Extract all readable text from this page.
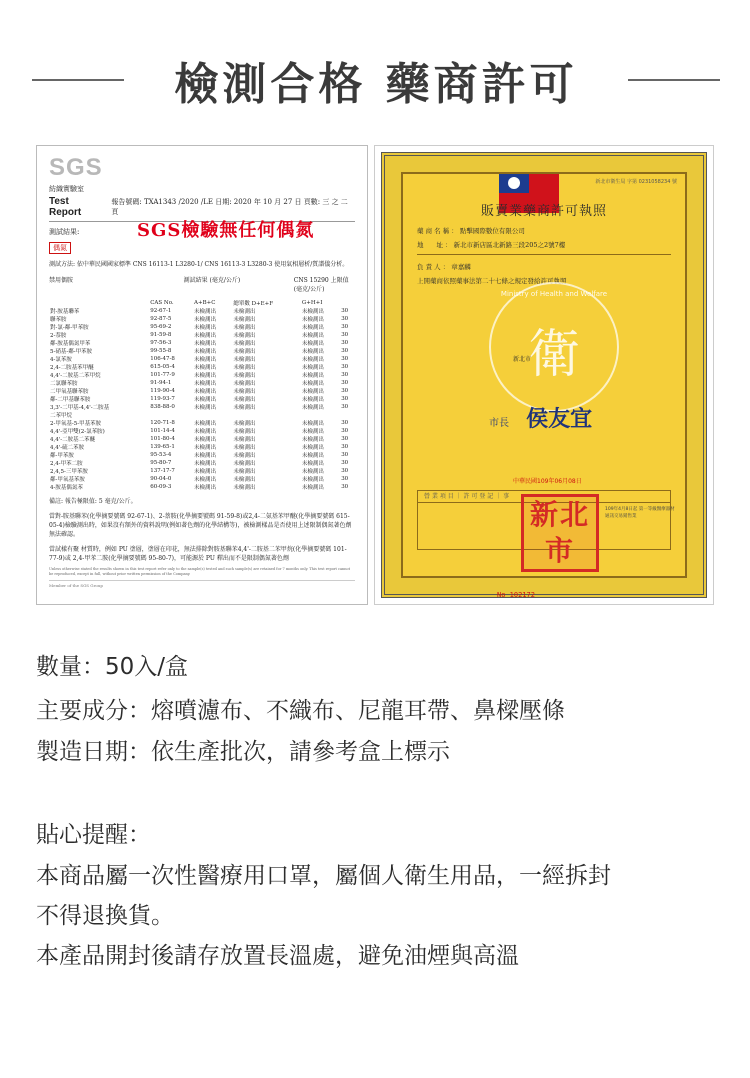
檢測合格 藥商許可
SGS
紡織實驗室
Test Report
報告號碼: TXA1343 /2020 /LE 日期: 2020 年 10 月 27 日 頁數: 三 之 二 頁
測試結果:
偶氮
SGS檢驗無任何偶氮
測試方法: 依中華民國國家標準 CNS 16113-1 L3280-1/ CNS 16113-3 L3280-3 使用氣相層析/質譜儀分析。
禁用偶胺	測試結果 (毫克/公斤)	CNS 15290 上限值 (毫克/公斤)
	CAS No.	A+B+C	總單數 D+E+F	G+H+I	
對-胺基聯苯	92-67-1	未檢測出	未檢測出	未檢測出	30
聯苯胺	92-87-5	未檢測出	未檢測出	未檢測出	30
對-氯-鄰-甲苯胺	95-69-2	未檢測出	未檢測出	未檢測出	30
2-萘胺	91-59-8	未檢測出	未檢測出	未檢測出	30
鄰-胺基偶氮甲苯	97-56-3	未檢測出	未檢測出	未檢測出	30
5-硝基-鄰-甲苯胺	99-55-8	未檢測出	未檢測出	未檢測出	30
4-氯苯胺	106-47-8	未檢測出	未檢測出	未檢測出	30
2,4-二胺基苯甲醚	615-05-4	未檢測出	未檢測出	未檢測出	30
4,4'-二胺基二苯甲烷	101-77-9	未檢測出	未檢測出	未檢測出	30
二氯聯苯胺	91-94-1	未檢測出	未檢測出	未檢測出	30
二甲氧基聯苯胺	119-90-4	未檢測出	未檢測出	未檢測出	30
鄰-二甲基聯苯胺	119-93-7	未檢測出	未檢測出	未檢測出	30
3,3'-二甲基-4,4'-二胺基	838-88-0	未檢測出	未檢測出	未檢測出	30
二苯甲烷					
2-甲氧基-5-甲基苯胺	120-71-8	未檢測出	未檢測出	未檢測出	30
4,4'-亞甲雙(2-氯苯胺)	101-14-4	未檢測出	未檢測出	未檢測出	30
4,4'-二胺基二苯醚	101-80-4	未檢測出	未檢測出	未檢測出	30
4,4'-硫二苯胺	139-65-1	未檢測出	未檢測出	未檢測出	30
鄰-甲苯胺	95-53-4	未檢測出	未檢測出	未檢測出	30
2,4-甲苯二胺	95-80-7	未檢測出	未檢測出	未檢測出	30
2,4,5-三甲苯胺	137-17-7	未檢測出	未檢測出	未檢測出	30
鄰-甲氧基苯胺	90-04-0	未檢測出	未檢測出	未檢測出	30
4-胺基偶氮苯	60-09-3	未檢測出	未檢測出	未檢測出	30
備註: 報告極限值: 5 毫克/公斤。
當對-胺基聯苯(化學摘要號碼 92-67-1)、2-萘胺(化學摘要號碼 91-59-8)或2,4-二氨基苯甲醚(化學摘要號碼 615-05-4)檢驗測出時，如果沒有額外的資料說明(例如著色劑的化學結構等)，被檢測樣品是否使用上述限制偶氮著色劑無法確認。
當試樣有聚 材質時，例如 PU 塗層，塗層在印花，無法排除對胺基聯苯4,4'-二胺基二苯甲烷(化學摘要號碼 101-77-9)或 2,4-甲苯二胺(化學摘要號碼 95-80-7)，可能源於 PU 釋出而不是限制偶氮著色劑
Unless otherwise stated the results shown in this test report refer only to the sample(s) tested and such sample(s) are retained for 7 months only. This test report cannot be reproduced, except in full, without prior written permission of the Company.
Member of the SGS Group
新北市衛生局 字第 0231058234 號
販賣業藥商許可執照
藥 商 名 稱 ： 點擊國際數位有限公司
地　　址 ： 新北市新店區北新路三段205之2號7樓
負 責 人 ： 章嘉麟
上開藥商依照藥事法第二十七條之規定發給許可執照
Ministry of Health and Welfare
衛
新北市
市長 侯友宜
中華民國109年06月08日
營 業 項 目 ｜ 許 可 登 記 ｜ 事
新北市
109年4月8日起 第一等級醫療器材通訊交易銷售業
No 102172
數量：50入/盒
主要成分：熔噴濾布、不織布、尼龍耳帶、鼻樑壓條
製造日期：依生產批次，請參考盒上標示
貼心提醒：
本商品屬一次性醫療用口罩，屬個人衛生用品，一經拆封
不得退換貨。
本產品開封後請存放置長溫處，避免油煙與高溫
